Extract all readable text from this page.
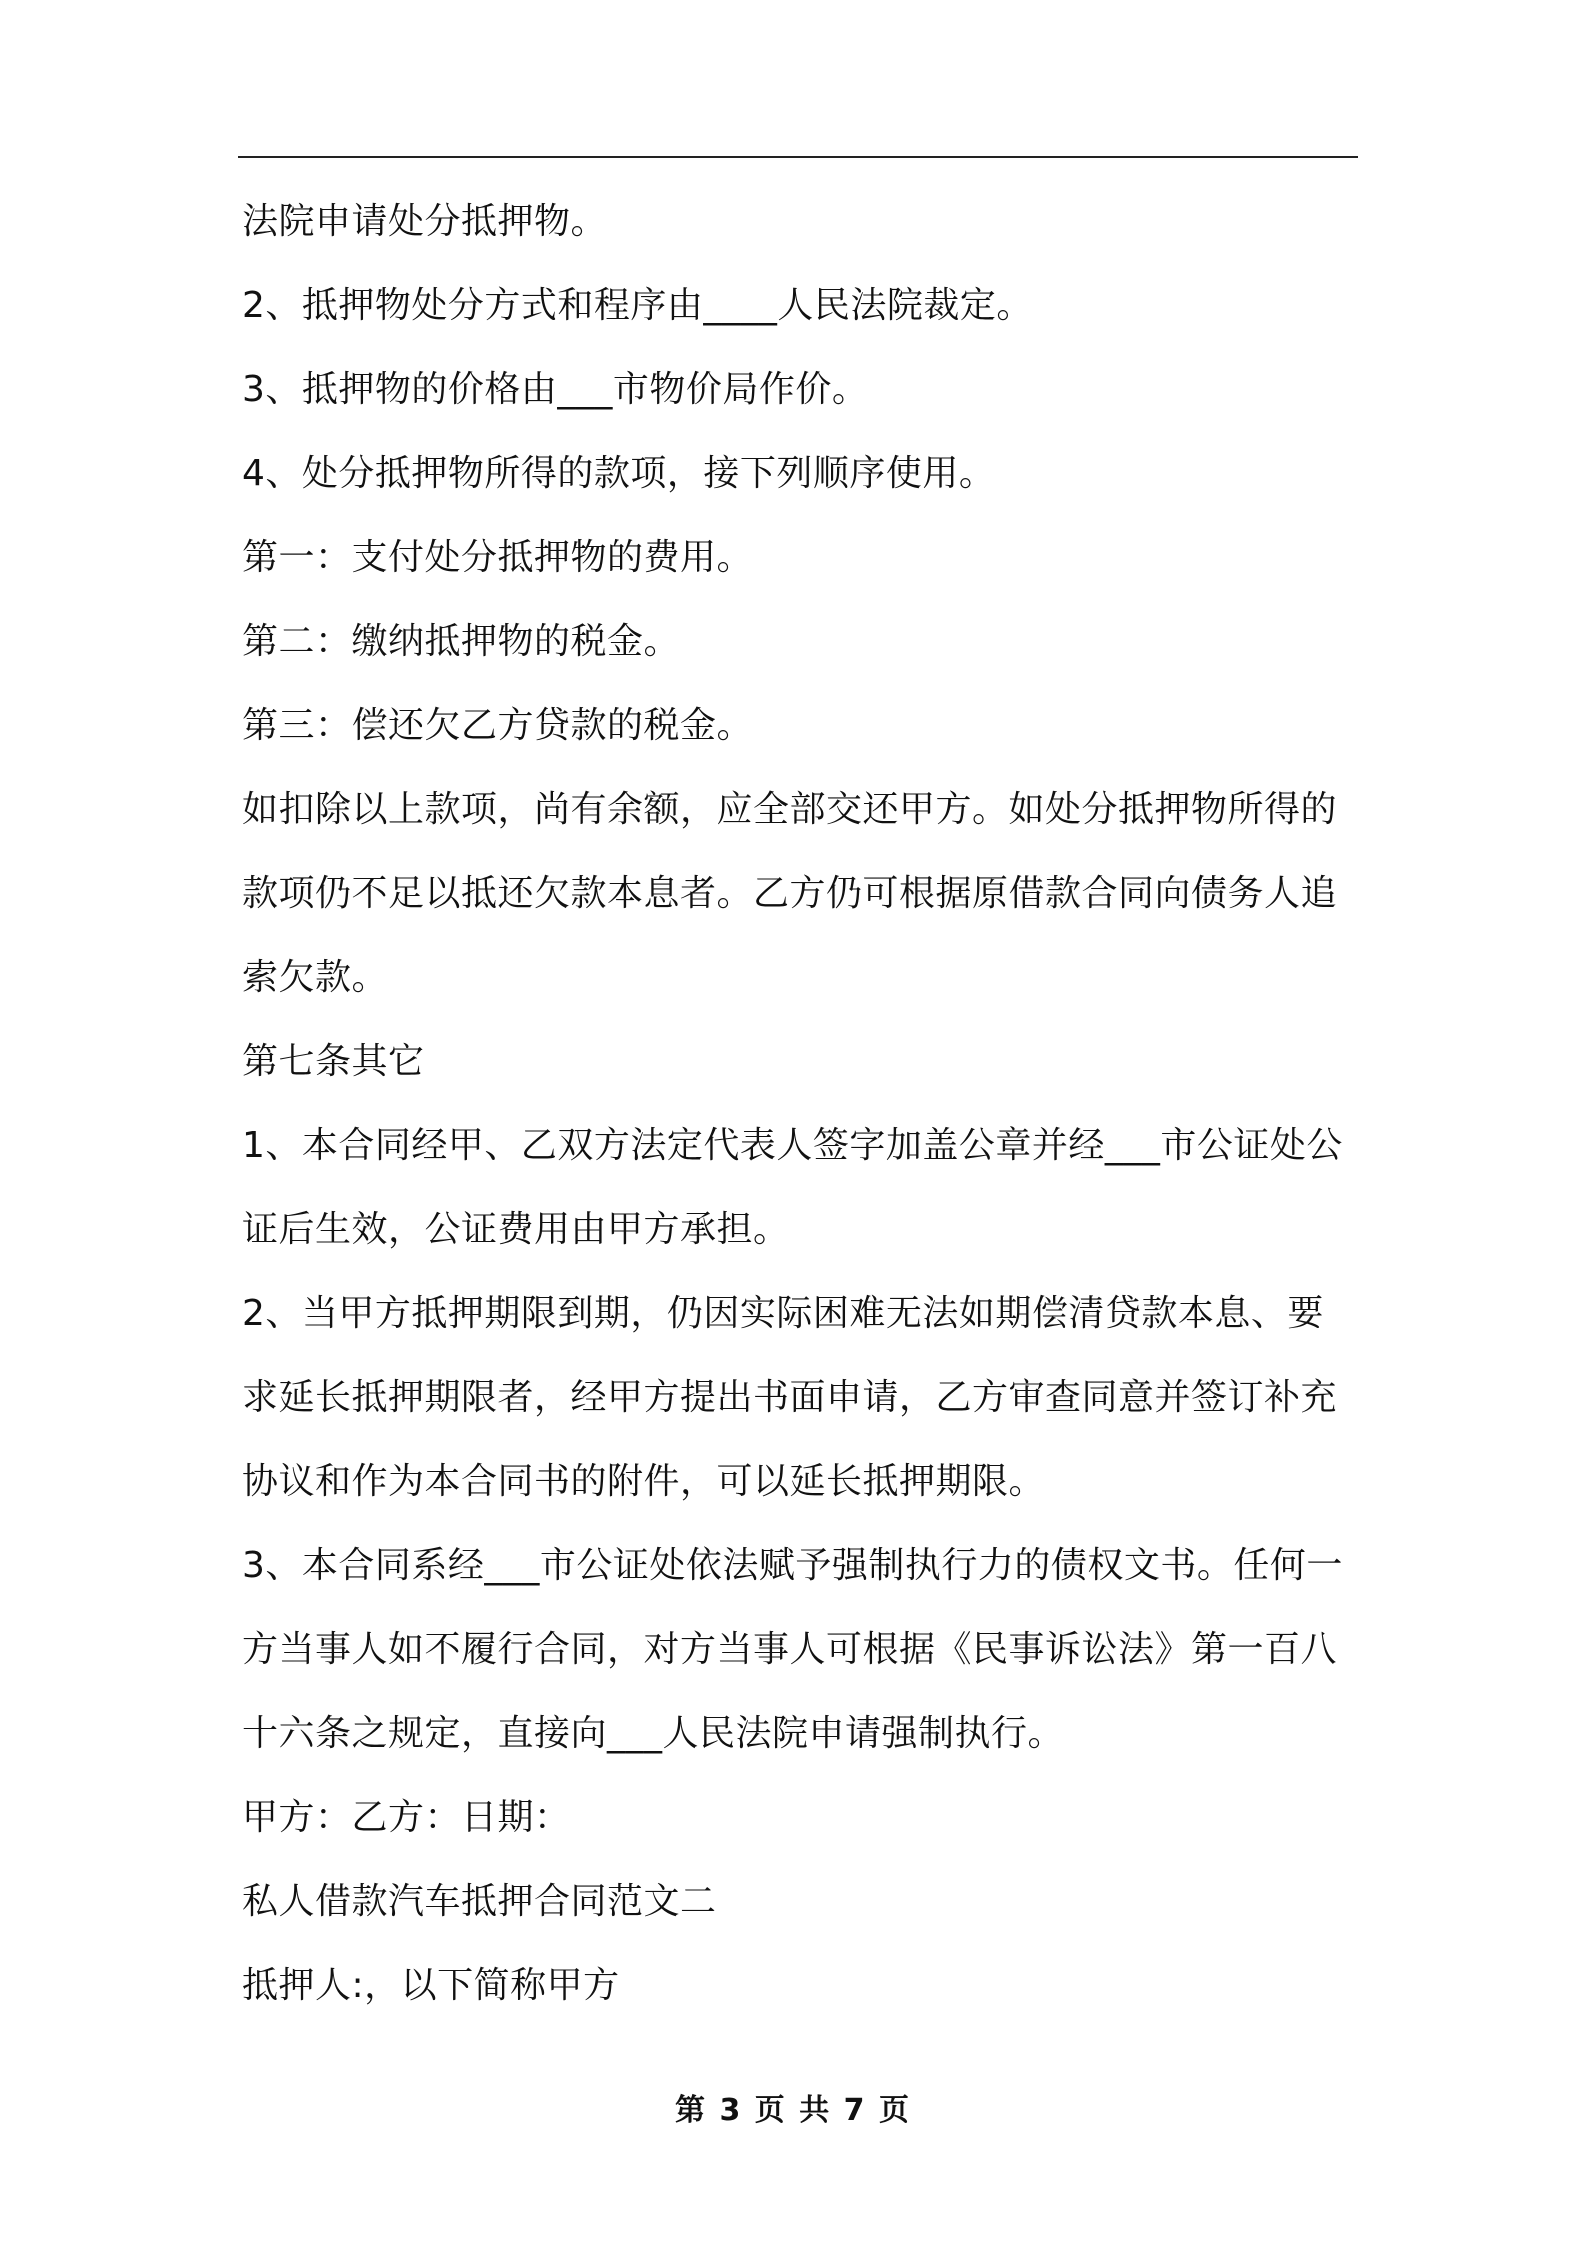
法院申请处分抵押物。

2、抵押物处分方式和程序由____人民法院裁定。

3、抵押物的价格由___市物价局作价。

4、处分抵押物所得的款项，接下列顺序使用。

第一：支付处分抵押物的费用。

第二：缴纳抵押物的税金。

第三：偿还欠乙方贷款的税金。

如扣除以上款项，尚有余额，应全部交还甲方。如处分抵押物所得的款项仍不足以抵还欠款本息者。乙方仍可根据原借款合同向债务人追索欠款。

第七条其它

1、本合同经甲、乙双方法定代表人签字加盖公章并经___市公证处公证后生效，公证费用由甲方承担。

2、当甲方抵押期限到期，仍因实际困难无法如期偿清贷款本息、要求延长抵押期限者，经甲方提出书面申请，乙方审查同意并签订补充协议和作为本合同书的附件，可以延长抵押期限。

3、本合同系经___市公证处依法赋予强制执行力的债权文书。任何一方当事人如不履行合同，对方当事人可根据《民事诉讼法》第一百八十六条之规定，直接向___人民法院申请强制执行。

甲方：乙方：日期：

私人借款汽车抵押合同范文二

抵押人:，以下简称甲方

第 3 页 共 7 页
